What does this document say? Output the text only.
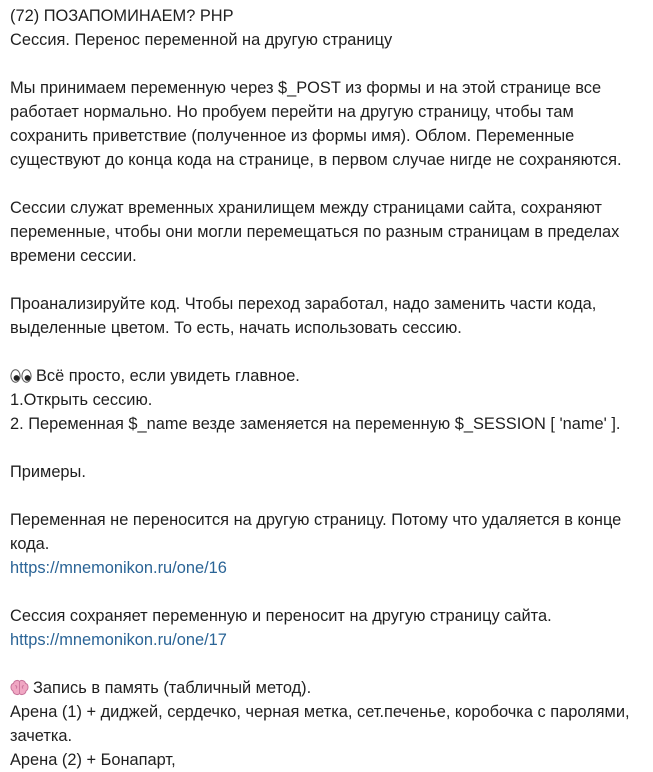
(72) ПОЗАПОМИНАЕМ? PHP
Сессия. Перенос переменной на другую страницу
Мы принимаем переменную через $_POST из формы и на этой странице все
работает нормально. Но пробуем перейти на другую страницу, чтобы там
сохранить приветствие (полученное из формы имя). Облом. Переменные
существуют до конца кода на странице, в первом случае нигде не сохраняются.
Сессии служат временных хранилищем между страницами сайта, сохраняют
переменные, чтобы они могли перемещаться по разным страницам в пределах
времени сессии.
Проанализируйте код. Чтобы переход заработал, надо заменить части кода,
выделенные цветом. То есть, начать использовать сессию.
Всё просто, если увидеть главное.
1.Открыть сессию.
2. Переменная $_name везде заменяется на переменную $_SESSION [ 'name' ].
Примеры.
Переменная не переносится на другую страницу. Потому что удаляется в конце
кода.
https://mnemonikon.ru/one/16
Сессия сохраняет переменную и переносит на другую страницу сайта.
https://mnemonikon.ru/one/17
Запись в память (табличный метод).
Арена (1) + диджей, сердечко, черная метка, сет.печенье, коробочка с паролями,
зачетка.
Арена (2) + Бонапарт,
